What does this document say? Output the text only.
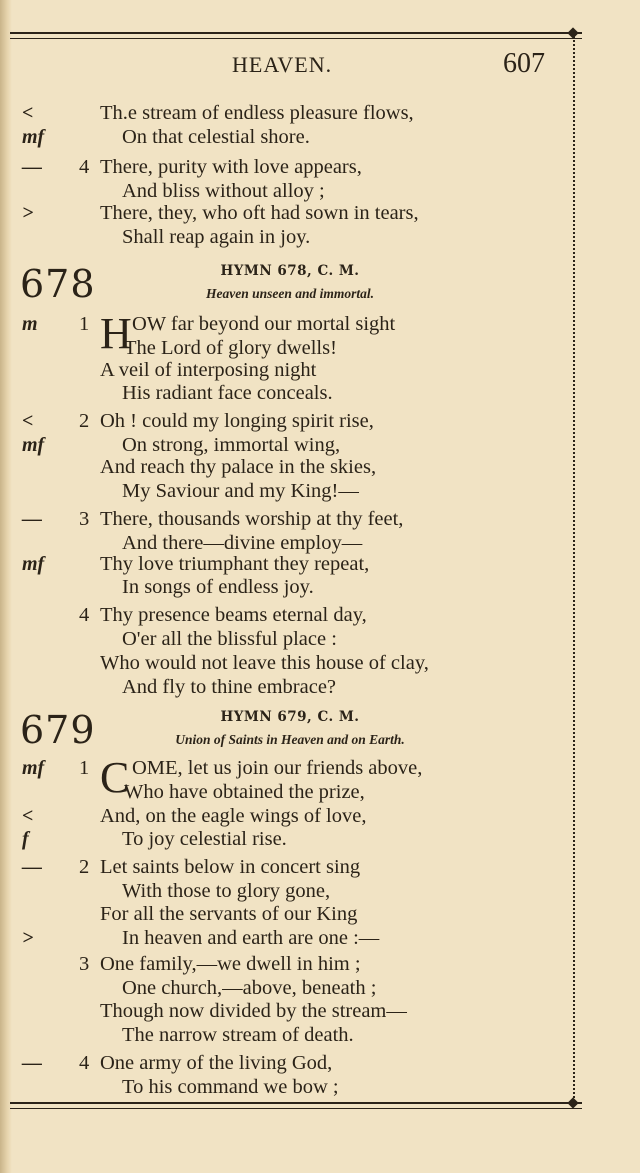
HEAVEN.	607
<	Th.e stream of endless pleasure flows,
mf	On that celestial shore.
—	4 There, purity with love appears,
And bliss without alloy ;
>	There, they, who oft had sown in tears,
Shall reap again in joy.
678	HYMN 678, C. M.
Heaven unseen and immortal.
m	1 H OW far beyond our mortal sight
The Lord of glory dwells!
A veil of interposing night
His radiant face conceals.
<	2 Oh ! could my longing spirit rise,
mf	On strong, immortal wing,
And reach thy palace in the skies,
My Saviour and my King!—
—	3 There, thousands worship at thy feet,
And there—divine employ—
mf	Thy love triumphant they repeat,
In songs of endless joy.
4 Thy presence beams eternal day,
O'er all the blissful place :
Who would not leave this house of clay,
And fly to thine embrace?
679	HYMN 679, C. M.
Union of Saints in Heaven and on Earth.
mf	1 C OME, let us join our friends above,
Who have obtained the prize,
<	And, on the eagle wings of love,
f	To joy celestial rise.
—	2 Let saints below in concert sing
With those to glory gone,
For all the servants of our King
>	In heaven and earth are one :—
3 One family,—we dwell in him ;
One church,—above, beneath ;
Though now divided by the stream—
The narrow stream of death.
—	4 One army of the living God,
To his command we bow ;
